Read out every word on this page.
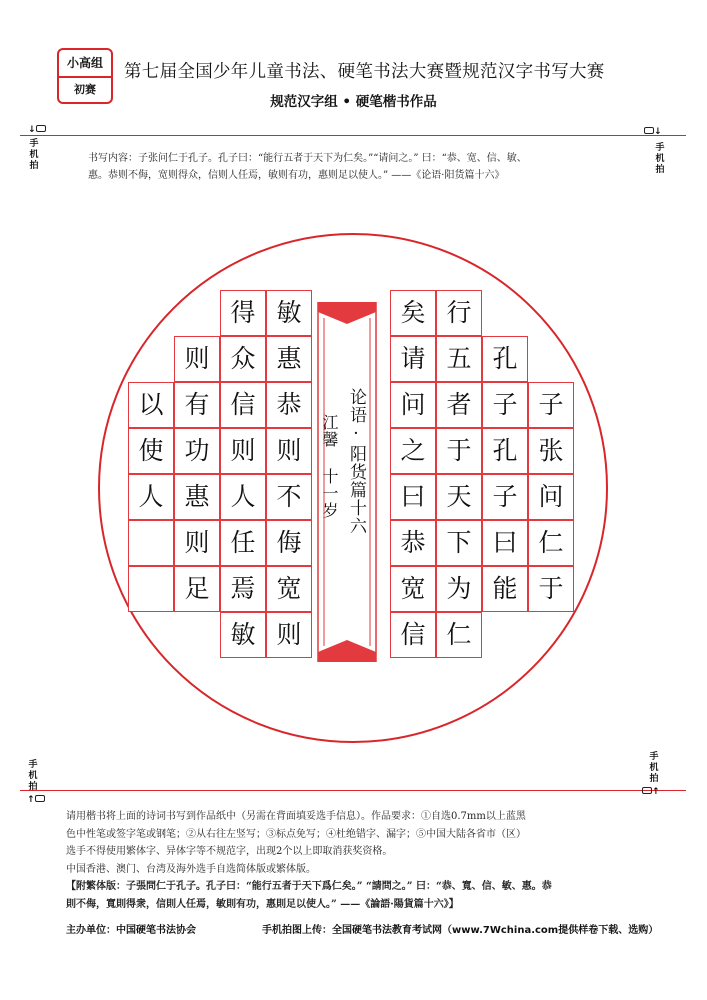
小高组
初赛
第七届全国少年儿童书法、硬笔书法大赛暨规范汉字书写大赛
规范汉字组 • 硬笔楷书作品
↓
手机拍
↓
手机拍
书写内容：子张问仁于孔子。孔子曰：“能行五者于天下为仁矣。”“请问之。” 曰：“恭、宽、信、敏、
惠。恭则不侮，宽则得众，信则人任焉，敏则有功，惠则足以使人。” ——《论语·阳货篇十六》
论语·阳货篇十六
江馨 十一岁
子
张
问
仁
于
孔
子
孔
子
曰
能
行
五
者
于
天
下
为
仁
矣
请
问
之
曰
恭
宽
信
敏
惠
恭
则
不
侮
宽
则
得
众
信
则
人
任
焉
敏
则
有
功
惠
则
足
以
使
人
手机拍
↑
手机拍
↑
请用楷书将上面的诗词书写到作品纸中（另需在背面填妥选手信息）。作品要求：①自选0.7mm以上蓝黑
色中性笔或签字笔或钢笔；②从右往左竖写；③标点免写；④杜绝错字、漏字；⑤中国大陆各省市（区）
选手不得使用繁体字、异体字等不规范字，出现2个以上即取消获奖资格。
中国香港、澳门、台湾及海外选手自选简体版或繁体版。
【附繁体版：子張問仁于孔子。孔子曰：“能行五者于天下爲仁矣。” “請問之。” 曰：“恭、寬、信、敏、惠。恭
則不侮，寬則得衆，信則人任焉，敏則有功，惠則足以使人。” ——《論語·陽貨篇十六》】
主办单位：中国硬笔书法协会	手机拍图上传：全国硬笔书法教育考试网（www.7Wchina.com提供样卷下载、选购）
